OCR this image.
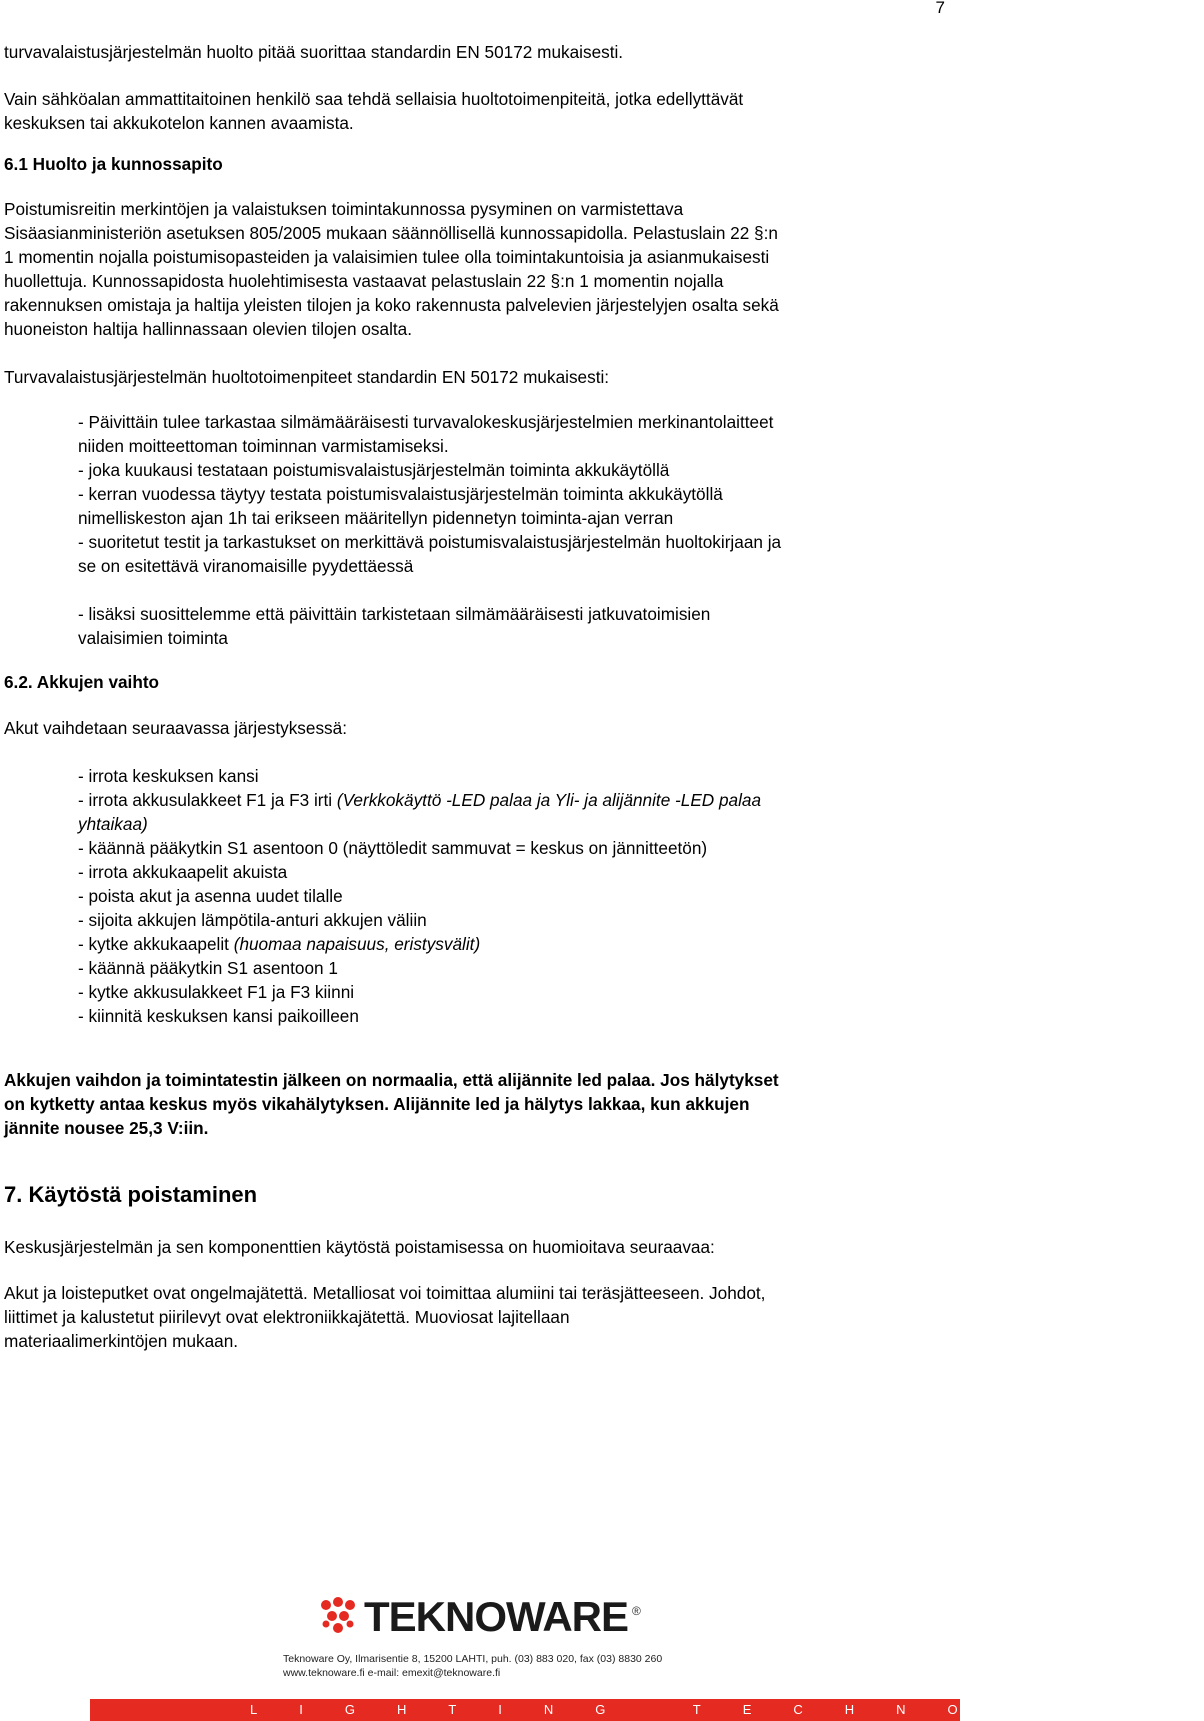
7

turvavalaistusjärjestelmän huolto pitää suorittaa standardin EN 50172 mukaisesti.

Vain sähköalan ammattitaitoinen henkilö saa tehdä sellaisia huoltotoimenpiteitä, jotka edellyttävät

keskuksen tai akkukotelon kannen avaamista.

6.1 Huolto ja kunnossapito

Poistumisreitin merkintöjen ja valaistuksen toimintakunnossa pysyminen on varmistettava

Sisäasianministeriön asetuksen 805/2005 mukaan säännöllisellä kunnossapidolla. Pelastuslain 22 §:n

1 momentin nojalla poistumisopasteiden ja valaisimien tulee olla toimintakuntoisia ja asianmukaisesti

huollettuja. Kunnossapidosta huolehtimisesta vastaavat pelastuslain 22 §:n 1 momentin nojalla

rakennuksen omistaja ja haltija yleisten tilojen ja koko rakennusta palvelevien järjestelyjen osalta sekä

huoneiston haltija hallinnassaan olevien tilojen osalta.

Turvavalaistusjärjestelmän huoltotoimenpiteet standardin EN 50172 mukaisesti:

- Päivittäin tulee tarkastaa silmämääräisesti turvavalokeskusjärjestelmien merkinantolaitteet

niiden moitteettoman toiminnan varmistamiseksi.

- joka kuukausi testataan poistumisvalaistusjärjestelmän toiminta akkukäytöllä

- kerran vuodessa täytyy testata poistumisvalaistusjärjestelmän toiminta akkukäytöllä

nimelliskeston ajan 1h tai erikseen määritellyn pidennetyn toiminta-ajan verran

- suoritetut testit ja tarkastukset on merkittävä poistumisvalaistusjärjestelmän huoltokirjaan ja

se on esitettävä viranomaisille pyydettäessä

- lisäksi suosittelemme että päivittäin tarkistetaan silmämääräisesti jatkuvatoimisien

valaisimien toiminta

6.2. Akkujen vaihto

Akut vaihdetaan seuraavassa järjestyksessä:

- irrota keskuksen kansi

- irrota akkusulakkeet F1 ja F3 irti (Verkkokäyttö -LED palaa ja Yli- ja alijännite -LED palaa

yhtaikaa)

- käännä pääkytkin S1 asentoon 0 (näyttöledit sammuvat = keskus on jännitteetön)

- irrota akkukaapelit akuista

- poista akut ja asenna uudet tilalle

- sijoita akkujen lämpötila-anturi akkujen väliin

- kytke akkukaapelit (huomaa napaisuus, eristysvälit)

- käännä pääkytkin S1 asentoon 1

- kytke akkusulakkeet F1 ja F3 kiinni

- kiinnitä keskuksen kansi paikoilleen

Akkujen vaihdon ja toimintatestin jälkeen on normaalia, että alijännite led palaa. Jos hälytykset

on kytketty antaa keskus myös vikahälytyksen. Alijännite led ja hälytys lakkaa, kun akkujen

jännite nousee 25,3 V:iin.

7. Käytöstä poistaminen

Keskusjärjestelmän ja sen komponenttien käytöstä poistamisessa on huomioitava seuraavaa:

Akut ja loisteputket ovat ongelmajätettä. Metalliosat voi toimittaa alumiini tai teräsjätteeseen. Johdot,

liittimet ja kalustetut piirilevyt ovat elektroniikkajätettä. Muoviosat lajitellaan

materiaalimerkintöjen mukaan.

TEKNOWARE ®
Teknoware Oy, Ilmarisentie 8, 15200 LAHTI, puh. (03) 883 020, fax (03) 8830 260
www.teknoware.fi e-mail: emexit@teknoware.fi
LIGHTING TECHNOLOGY
